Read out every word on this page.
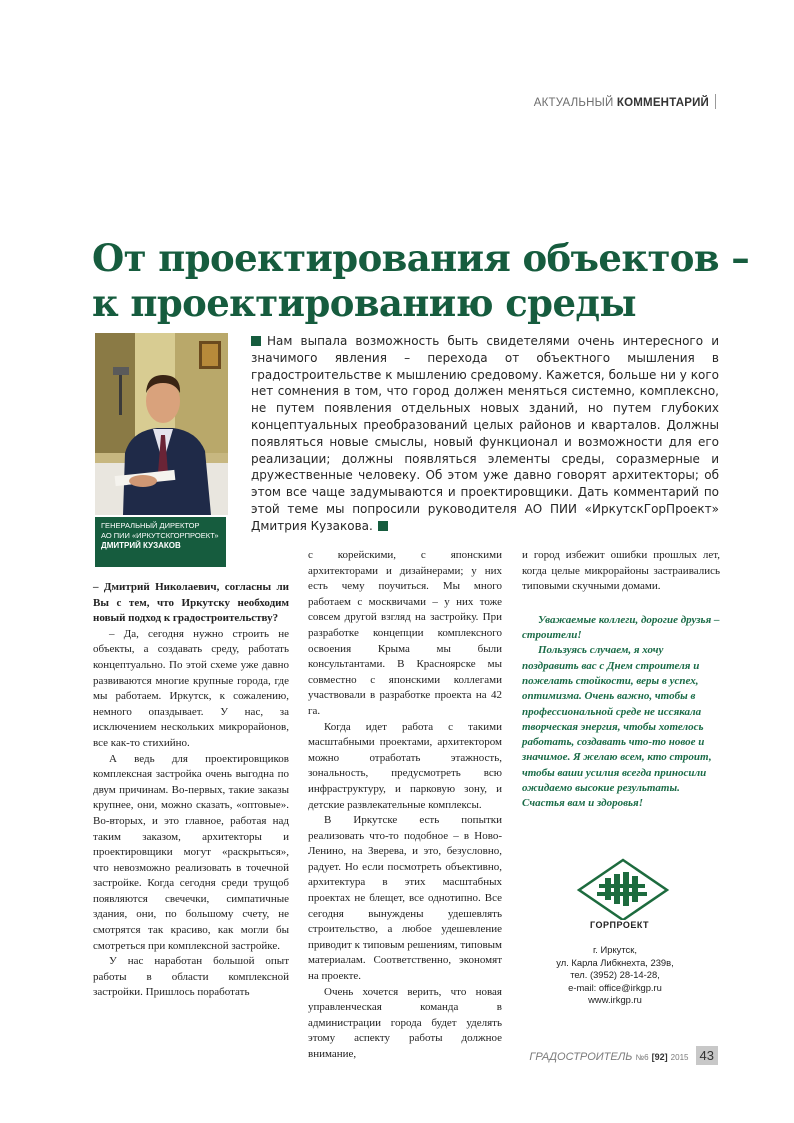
АКТУАЛЬНЫЙ КОММЕНТАРИЙ
От проектирования объектов –
к проектированию среды
ГЕНЕРАЛЬНЫЙ ДИРЕКТОР
АО ПИИ «ИРКУТСКГОРПРОЕКТ»
ДМИТРИЙ КУЗАКОВ

Нам выпала возможность быть свидетелями очень интересного и значимого явления – перехода от объектного мышления в градостроительстве к мышлению средовому. Кажется, больше ни у кого нет сомнения в том, что город должен меняться системно, комплексно, не путем появления отдельных новых зданий, но путем глубоких концептуальных преобразований целых районов и кварталов. Должны появляться новые смыслы, новый функционал и возможности для его реализации; должны появляться элементы среды, соразмерные и дружественные человеку. Об этом уже давно говорят архитекторы; об этом все чаще задумываются и проектировщики. Дать комментарий по этой теме мы попросили руководителя АО ПИИ «ИркутскГорПроект» Дмитрия Кузакова.

– Дмитрий Николаевич, согласны ли Вы с тем, что Иркутску необходим новый подход к градостроительству?

– Да, сегодня нужно строить не объекты, а создавать среду, работать концептуально. По этой схеме уже давно развиваются многие крупные города, где мы работаем. Иркутск, к сожалению, немного опаздывает. У нас, за исключением нескольких микрорайонов, все как-то стихийно.

А ведь для проектировщиков комплексная застройка очень выгодна по двум причинам. Во-первых, такие заказы крупнее, они, можно сказать, «оптовые». Во-вторых, и это главное, работая над таким заказом, архитекторы и проектировщики могут «раскрыться», что невозможно реализовать в точечной застройке. Когда сегодня среди трущоб появляются свечечки, симпатичные здания, они, по большому счету, не смотрятся так красиво, как могли бы смотреться при комплексной застройке.

У нас наработан большой опыт работы в области комплексной застройки. Пришлось поработать

с корейскими, с японскими архитекторами и дизайнерами; у них есть чему поучиться. Мы много работаем с москвичами – у них тоже совсем другой взгляд на застройку. При разработке концепции комплексного освоения Крыма мы были консультантами. В Красноярске мы совместно с японскими коллегами участвовали в разработке проекта на 42 га.

Когда идет работа с такими масштабными проектами, архитектором можно отработать этажность, зональность, предусмотреть всю инфраструктуру, и парковую зону, и детские развлекательные комплексы.

В Иркутске есть попытки реализовать что-то подобное – в Ново-Ленино, на Зверева, и это, безусловно, радует. Но если посмотреть объективно, архитектура в этих масштабных проектах не блещет, все однотипно. Все сегодня вынуждены удешевлять строительство, а любое удешевление приводит к типовым решениям, типовым материалам. Соответственно, экономят на проекте.

Очень хочется верить, что новая управленческая команда в администрации города будет уделять этому аспекту работы должное внимание,

и город избежит ошибки прошлых лет, когда целые микрорайоны застраивались типовыми скучными домами.

Уважаемые коллеги, дорогие друзья – строители!

Пользуясь случаем, я хочу поздравить вас с Днем строителя и пожелать стойкости, веры в успех, оптимизма. Очень важно, чтобы в профессиональной среде не иссякала творческая энергия, чтобы хотелось работать, создавать что-то новое и значимое. Я желаю всем, кто строит, чтобы ваши усилия всегда приносили ожидаемо высокие результаты. Счастья вам и здоровья!

ГОРПРОЕКТ
г. Иркутск,
ул. Карла Либкнехта, 239в,
тел. (3952) 28-14-28,
e-mail: office@irkgp.ru
www.irkgp.ru
ГРАДОСТРОИТЕЛЬ №6 [92] 2015 43
